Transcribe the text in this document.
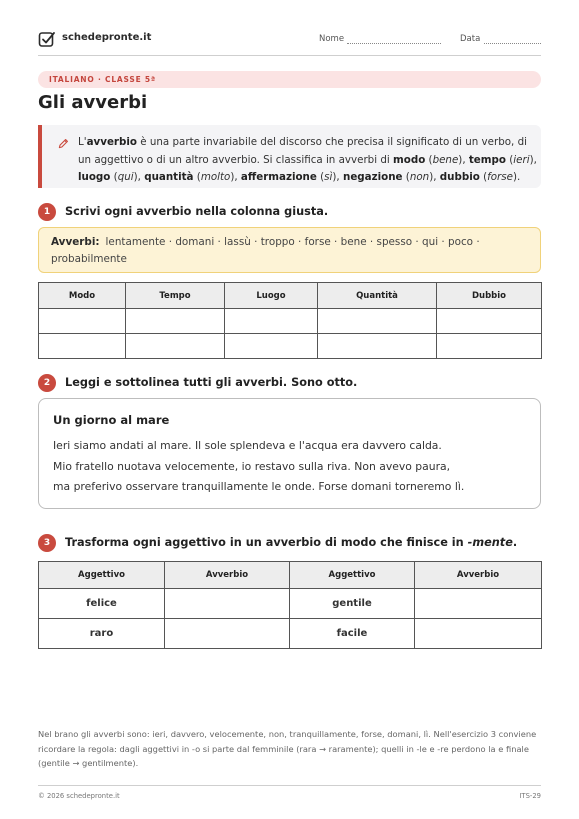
schedepronte.it	Nome	Data
ITALIANO · CLASSE 5ª
Gli avverbi
L'avverbio è una parte invariabile del discorso che precisa il significato di un verbo, di un aggettivo o di un altro avverbio. Si classifica in avverbi di modo (bene), tempo (ieri), luogo (qui), quantità (molto), affermazione (sì), negazione (non), dubbio (forse).
1	Scrivi ogni avverbio nella colonna giusta.
Avverbi: lentamente · domani · lassù · troppo · forse · bene · spesso · qui · poco · probabilmente
Modo	Tempo	Luogo	Quantità	Dubbio

2	Leggi e sottolinea tutti gli avverbi. Sono otto.
Un giorno al mare

Ieri siamo andati al mare. Il sole splendeva e l'acqua era davvero calda.

Mio fratello nuotava velocemente, io restavo sulla riva. Non avevo paura,

ma preferivo osservare tranquillamente le onde. Forse domani torneremo lì.

3	Trasforma ogni aggettivo in un avverbio di modo che finisce in -mente.
Aggettivo	Avverbio	Aggettivo	Avverbio
felice		gentile	
raro		facile	
Nel brano gli avverbi sono: ieri, davvero, velocemente, non, tranquillamente, forse, domani, lì. Nell'esercizio 3 conviene ricordare la regola: dagli aggettivi in -o si parte dal femminile (rara → raramente); quelli in -le e -re perdono la e finale (gentile → gentilmente).
© 2026 schedepronte.it	ITS-29
